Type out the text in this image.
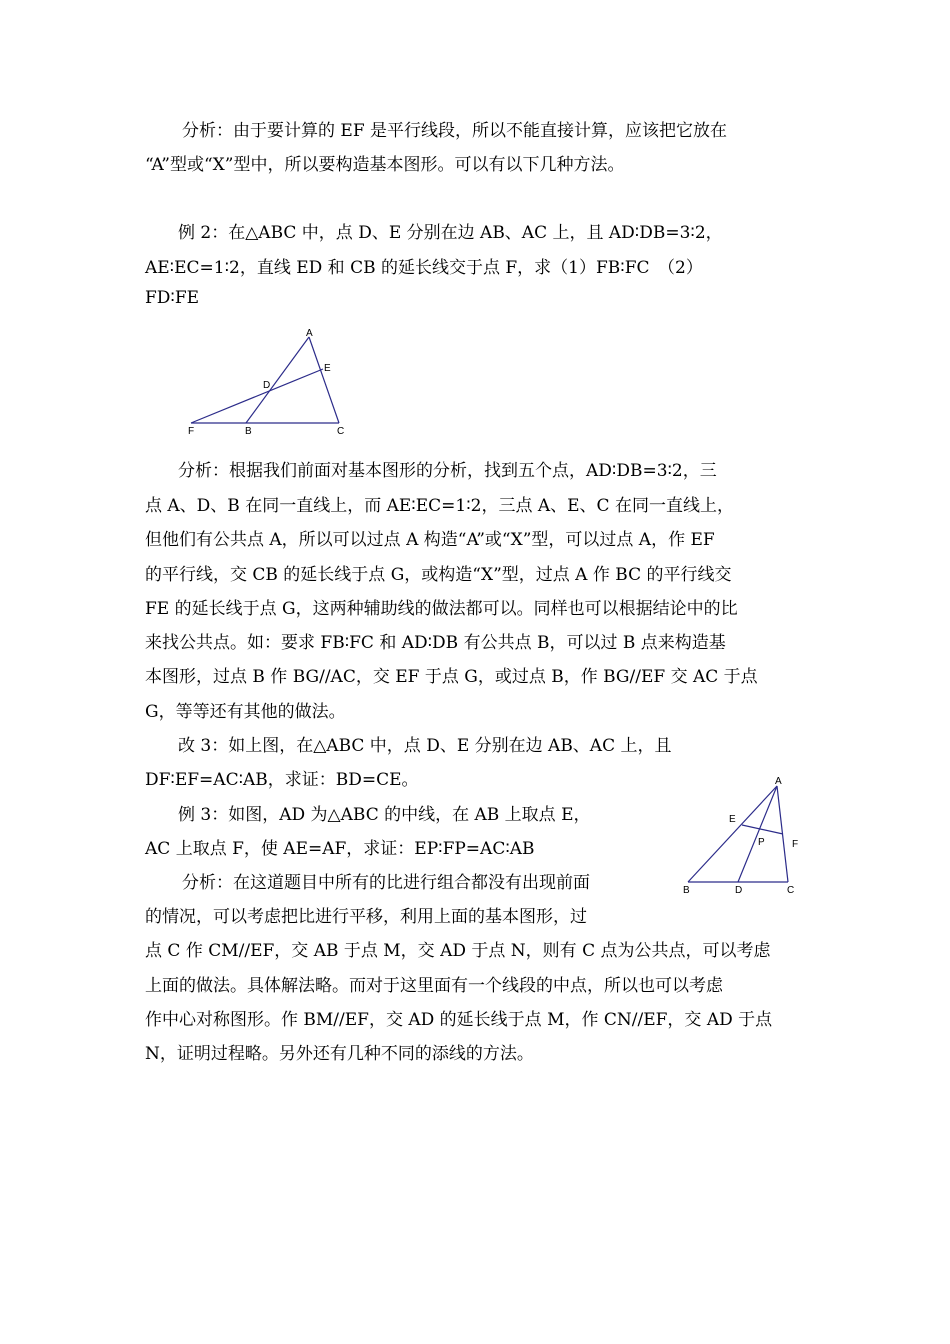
分析：由于要计算的 EF 是平行线段，所以不能直接计算，应该把它放在

“A”型或“X”型中，所以要构造基本图形。可以有以下几种方法。

例 2：在△ABC 中，点 D、E 分别在边 AB、AC 上，且 AD∶DB=3∶2，

AE∶EC=1∶2，直线 ED 和 CB 的延长线交于点 F，求（1）FB∶FC　（2）

FD∶FE

A
E
D
F	B	C

分析：根据我们前面对基本图形的分析，找到五个点，AD∶DB=3∶2，三

点 A、D、B 在同一直线上，而 AE∶EC=1∶2，三点 A、E、C 在同一直线上，

但他们有公共点 A，所以可以过点 A 构造“A”或“X”型，可以过点 A，作 EF

的平行线，交 CB 的延长线于点 G，或构造“X”型，过点 A 作 BC 的平行线交

FE 的延长线于点 G，这两种辅助线的做法都可以。同样也可以根据结论中的比

来找公共点。如：要求 FB∶FC 和 AD∶DB 有公共点 B，可以过 B 点来构造基

本图形，过点 B 作 BG//AC，交 EF 于点 G，或过点 B，作 BG//EF 交 AC 于点

G，等等还有其他的做法。

改 3：如上图，在△ABC 中，点 D、E 分别在边 AB、AC 上，且

DF∶EF=AC∶AB，求证：BD=CE。

例 3：如图，AD 为△ABC 的中线，在 AB 上取点 E，

AC 上取点 F，使 AE=AF，求证：EP∶FP=AC∶AB

A
E
P	F
B	D	C

分析：在这道题目中所有的比进行组合都没有出现前面

的情况，可以考虑把比进行平移，利用上面的基本图形，过

点 C 作 CM//EF，交 AB 于点 M，交 AD 于点 N，则有 C 点为公共点，可以考虑

上面的做法。具体解法略。而对于这里面有一个线段的中点，所以也可以考虑

作中心对称图形。作 BM//EF，交 AD 的延长线于点 M，作 CN//EF，交 AD 于点

N，证明过程略。另外还有几种不同的添线的方法。
